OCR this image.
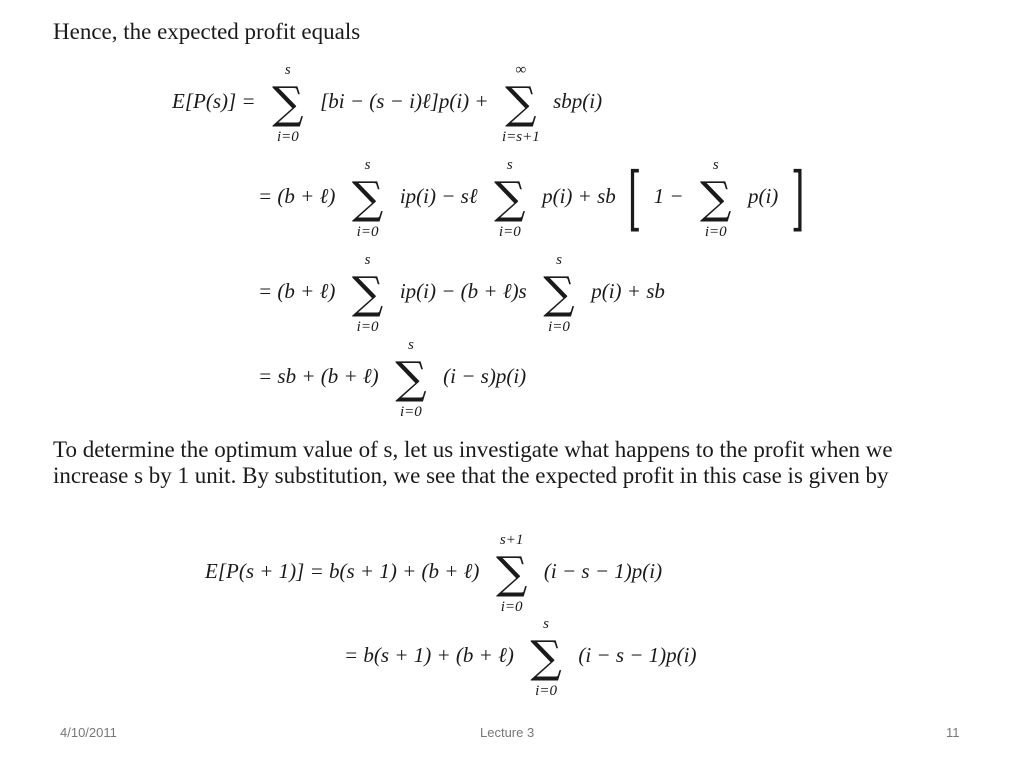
Hence, the expected profit equals

E[P(s)] =
s
∑
i=0
[bi − (s − i)ℓ]p(i) +
∞
∑
i=s+1
sbp(i)
= (b + ℓ)
s
∑
i=0
ip(i) − sℓ
s
∑
i=0
p(i) + sb [ 1 −
s
∑
i=0
p(i) ]
= (b + ℓ)
s
∑
i=0
ip(i) − (b + ℓ)s
s
∑
i=0
p(i) + sb
= sb + (b + ℓ)
s
∑
i=0
(i − s)p(i)

To determine the optimum value of s, let us investigate what happens to the profit when we increase s by 1 unit. By substitution, we see that the expected profit in this case is given by

E[P(s + 1)] = b(s + 1) + (b + ℓ)
s+1
∑
i=0
(i − s − 1)p(i)
= b(s + 1) + (b + ℓ)
s
∑
i=0
(i − s − 1)p(i)
4/10/2011	Lecture 3	11
